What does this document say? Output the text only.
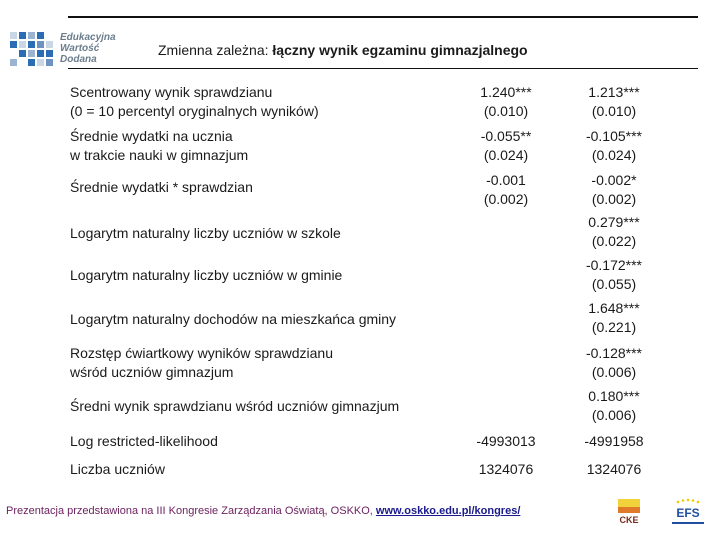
Edukacyjna
Wartość
Dodana
Zmienna zależna: łączny wynik egzaminu gimnazjalnego
Scentrowany wynik sprawdzianu
(0 = 10 percentyl oryginalnych wyników)
Średnie wydatki na ucznia
w trakcie nauki w gimnazjum
Średnie wydatki * sprawdzian
Logarytm naturalny liczby uczniów w szkole
Logarytm naturalny liczby uczniów w gminie
Logarytm naturalny dochodów na mieszkańca gminy
Rozstęp ćwiartkowy wyników sprawdzianu
wśród uczniów gimnazjum
Średni wynik sprawdzianu wśród uczniów gimnazjum
Log restricted-likelihood
Liczba uczniów
1.240***
(0.010)
-0.055**
(0.024)
-0.001
(0.002)
-4993013
1324076
1.213***
(0.010)
-0.105***
(0.024)
-0.002*
(0.002)
0.279***
(0.022)
-0.172***
(0.055)
1.648***
(0.221)
-0.128***
(0.006)
0.180***
(0.006)
-4991958
1324076
Prezentacja przedstawiona na III Kongresie Zarządzania Oświatą, OSKKO, www.oskko.edu.pl/kongres/
CKE	EFS
